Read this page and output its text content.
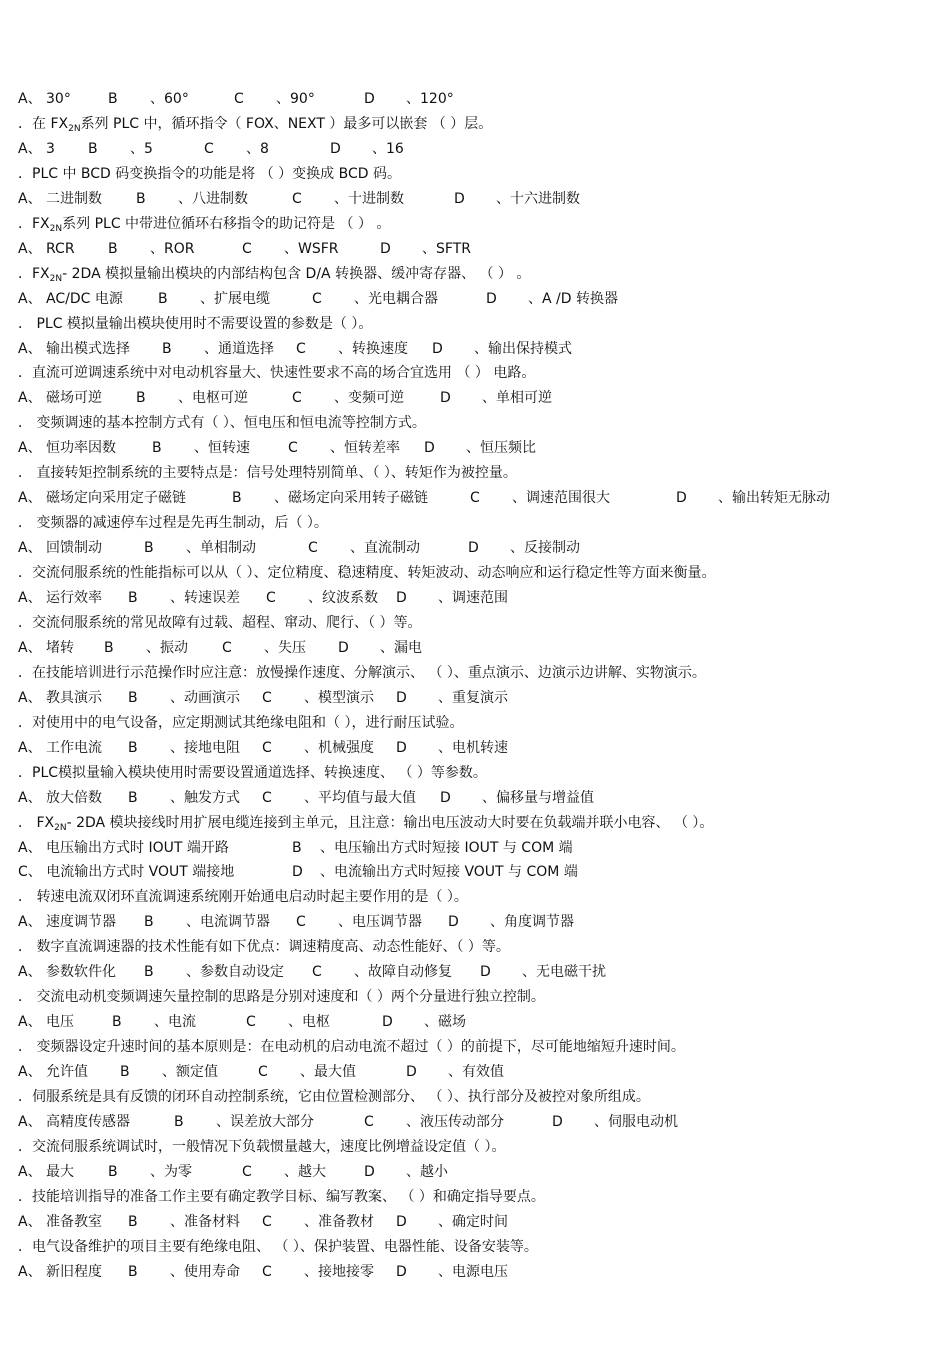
A、 30°	B 、60°	C 、90°	D 、120°
．在 $FX_{2N}$系列 PLC 中，循环指令（ FOX、NEXT ）最多可以嵌套 （ ）层。
A、 3 B 、5	C 、8	D 、16
．PLC 中 BCD 码变换指令的功能是将 （ ）变换成 BCD 码。
A、 二进制数 B 、八进制数	C 、十进制数	D 、十六进制数
．$FX_{2N}$系列 PLC 中带进位循环右移指令的助记符是 （ ） 。
A、 RCR B 、ROR	C 、WSFR	D 、SFTR
．$FX_{2N}-$ 2DA 模拟量输出模块的内部结构包含 D/A 转换器、缓冲寄存器、 （ ） 。
A、 AC/DC 电源	B 、扩展电缆	C 、光电耦合器	D 、A /D 转换器
． PLC 模拟量输出模块使用时不需要设置的参数是（ ）。
A、 输出模式选择 B 、通道选择 C 、转换速度 D 、输出保持模式
．直流可逆调速系统中对电动机容量大、快速性要求不高的场合宜选用 （ ） 电路。
A、 磁场可逆 B 、电枢可逆	C 、变频可逆	D 、单相可逆
． 变频调速的基本控制方式有（ ）、恒电压和恒电流等控制方式。
A、 恒功率因数	B 、恒转速	C 、恒转差率 D 、恒压频比
． 直接转矩控制系统的主要特点是：信号处理特别简单、（ ）、转矩作为被控量。
A、 磁场定向采用定子磁链	B 、磁场定向采用转子磁链	C 、调速范围很大	D 、输出转矩无脉动
． 变频器的减速停车过程是先再生制动，后（ ）。
A、 回馈制动	B 、单相制动	C 、直流制动	D 、反接制动
．交流伺服系统的性能指标可以从（ ）、定位精度、稳速精度、转矩波动、动态响应和运行稳定性等方面来衡量。
A、 运行效率 B 、转速误差 C 、纹波系数 D 、调速范围
．交流伺服系统的常见故障有过载、超程、窜动、爬行、（ ）等。
A、 堵转 B 、振动 C 、失压 D 、漏电
．在技能培训进行示范操作时应注意：放慢操作速度、分解演示、 （ ）、重点演示、边演示边讲解、实物演示。
A、 教具演示 B 、动画演示 C 、模型演示 D 、重复演示
．对使用中的电气设备，应定期测试其绝缘电阻和（ ），进行耐压试验。
A、 工作电流 B 、接地电阻 C 、机械强度 D 、电机转速
．PLC模拟量输入模块使用时需要设置通道选择、转换速度、 （ ）等参数。
A、 放大倍数 B 、触发方式 C 、平均值与最大值 D 、偏移量与增益值
． $FX_{2N}-$ 2DA 模块接线时用扩展电缆连接到主单元，且注意：输出电压波动大时要在负载端并联小电容、 （ ）。
A、 电压输出方式时 IOUT 端开路	B 、电压输出方式时短接 IOUT 与 COM 端
C、 电流输出方式时 VOUT 端接地	D 、电流输出方式时短接 VOUT 与 COM 端
． 转速电流双闭环直流调速系统刚开始通电启动时起主要作用的是（ ）。
A、 速度调节器 B 、电流调节器 C 、电压调节器 D 、角度调节器
． 数字直流调速器的技术性能有如下优点：调速精度高、动态性能好、（ ）等。
A、 参数软件化 B 、参数自动设定 C 、故障自动修复 D 、无电磁干扰
． 交流电动机变频调速矢量控制的思路是分别对速度和（ ）两个分量进行独立控制。
A、 电压	B 、电流	C 、电枢	D 、磁场
． 变频器设定升速时间的基本原则是：在电动机的启动电流不超过（ ）的前提下，尽可能地缩短升速时间。
A、 允许值 B 、额定值	C 、最大值	D 、有效值
．伺服系统是具有反馈的闭环自动控制系统，它由位置检测部分、 （ ）、执行部分及被控对象所组成。
A、 高精度传感器	B 、误差放大部分	C 、液压传动部分	D 、伺服电动机
．交流伺服系统调试时，一般情况下负载惯量越大，速度比例增益设定值（ ）。
A、 最大 B 、为零	C 、越大	D 、越小
．技能培训指导的准备工作主要有确定教学目标、编写教案、 （ ）和确定指导要点。
A、 准备教室 B 、准备材料 C 、准备教材 D 、确定时间
．电气设备维护的项目主要有绝缘电阻、 （ ）、保护装置、电器性能、设备安装等。
A、 新旧程度 B 、使用寿命 C 、接地接零 D 、电源电压
